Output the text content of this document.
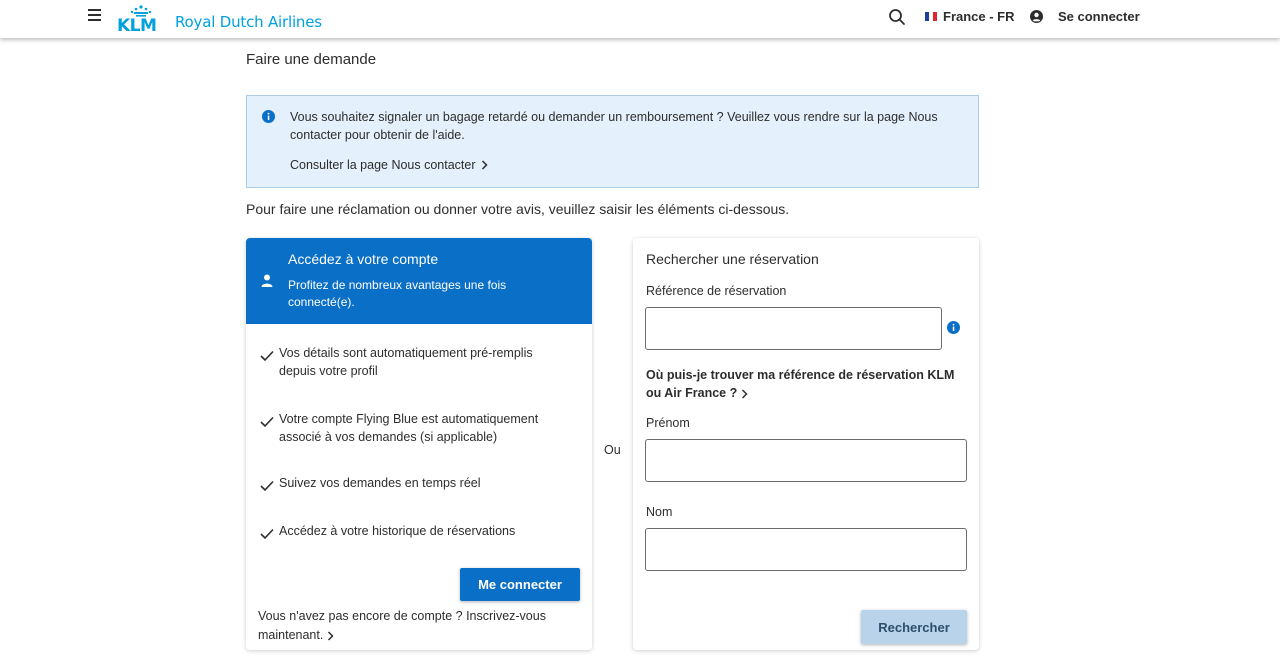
KLM Royal Dutch Airlines	France - FR	Se connecter
Faire une demande

Vous souhaitez signaler un bagage retardé ou demander un remboursement ? Veuillez vous rendre sur la page Nous contacter pour obtenir de l'aide.

Consulter la page Nous contacter

Pour faire une réclamation ou donner votre avis, veuillez saisir les éléments ci-dessous.

Accédez à votre compte
Profitez de nombreux avantages une fois connecté(e).
Vos détails sont automatiquement pré-remplis depuis votre profil
Votre compte Flying Blue est automatiquement associé à vos demandes (si applicable)
Suivez vos demandes en temps réel
Accédez à votre historique de réservations
Me connecter
Vous n'avez pas encore de compte ? Inscrivez-vous maintenant.
Ou
Rechercher une réservation
Référence de réservation
Où puis-je trouver ma référence de réservation KLM ou Air France ?
Prénom
Nom
Rechercher
